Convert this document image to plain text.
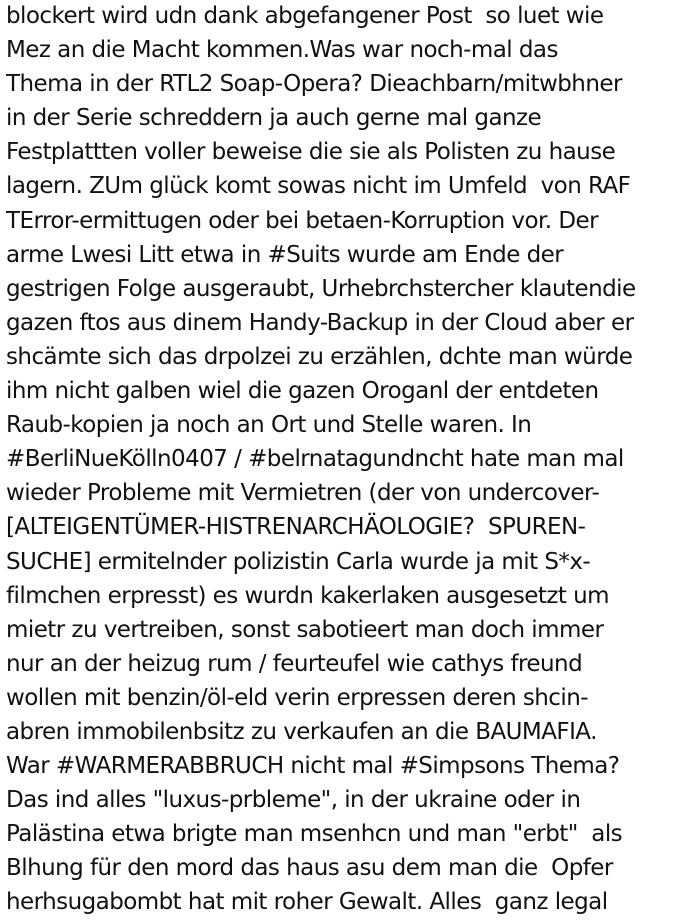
blockert wird udn dank abgefangener Post  so luet wie
Mez an die Macht kommen.Was war noch-mal das
Thema in der RTL2 Soap-Opera? Dieachbarn/mitwbhner
in der Serie schreddern ja auch gerne mal ganze
Festplattten voller beweise die sie als Polisten zu hause
lagern. ZUm glück komt sowas nicht im Umfeld  von RAF
TError-ermittugen oder bei betaen-Korruption vor. Der
arme Lwesi Litt etwa in #Suits wurde am Ende der
gestrigen Folge ausgeraubt, Urhebrchstercher klautendie
gazen ftos aus dinem Handy-Backup in der Cloud aber er
shcämte sich das drpolzei zu erzählen, dchte man würde
ihm nicht galben wiel die gazen Oroganl der entdeten
Raub-kopien ja noch an Ort und Stelle waren. In
#BerliNueKölln0407 / #belrnatagundncht hate man mal
wieder Probleme mit Vermietren (der von undercover-
[ALTEIGENTÜMER-HISTRENARCHÄOLOGIE?  SPUREN-
SUCHE] ermitelnder polizistin Carla wurde ja mit S*x-
filmchen erpresst) es wurdn kakerlaken ausgesetzt um
mietr zu vertreiben, sonst sabotieert man doch immer
nur an der heizug rum / feurteufel wie cathys freund
wollen mit benzin/öl-eld verin erpressen deren shcin-
abren immobilenbsitz zu verkaufen an die BAUMAFIA.
War #WARMERABBRUCH nicht mal #Simpsons Thema?
Das ind alles "luxus-prbleme", in der ukraine oder in
Palästina etwa brigte man msenhcn und man "erbt"  als
Blhung für den mord das haus asu dem man die  Opfer
herhsugabombt hat mit roher Gewalt. Alles  ganz legal
